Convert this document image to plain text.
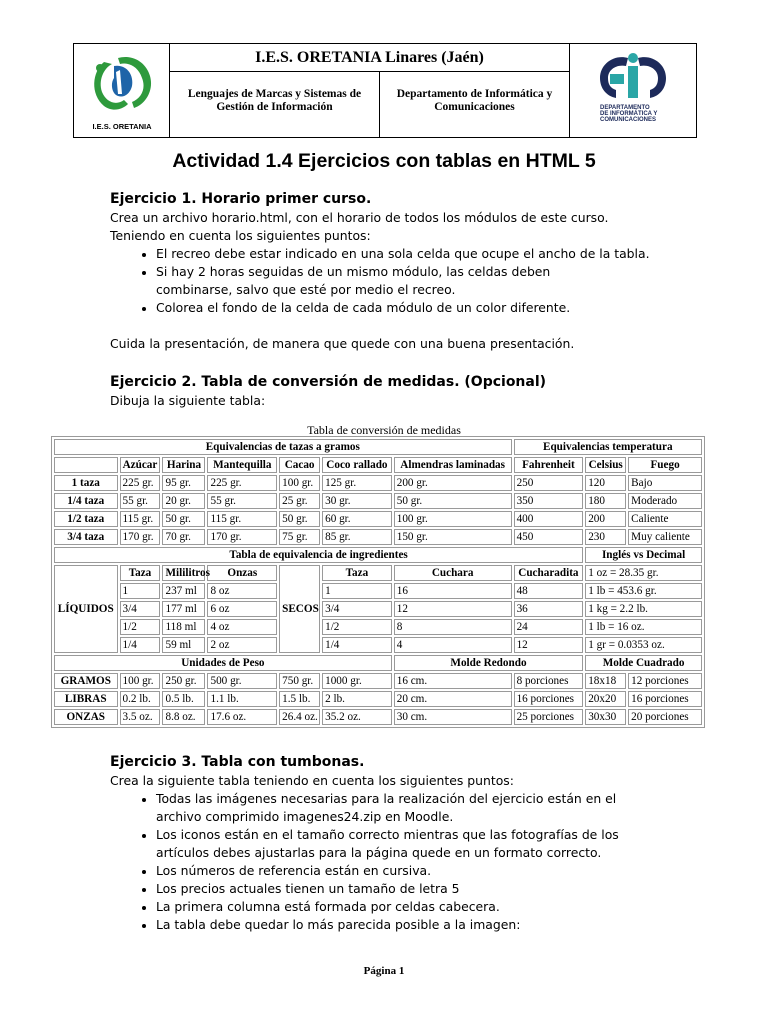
I.E.S. ORETANIA
I.E.S. ORETANIA Linares (Jaén)
Lenguajes de Marcas y Sistemas de
Gestión de Información
Departamento de Informática y
Comunicaciones	DEPARTAMENTO
DE INFORMÁTICA Y
COMUNICACIONES
Actividad 1.4 Ejercicios con tablas en HTML 5
Ejercicio 1. Horario primer curso.

Crea un archivo horario.html, con el horario de todos los módulos de este curso.

Teniendo en cuenta los siguientes puntos:

• El recreo debe estar indicado en una sola celda que ocupe el ancho de la tabla.
• Si hay 2 horas seguidas de un mismo módulo, las celdas deben combinarse, salvo que esté por medio el recreo.
• Colorea el fondo de la celda de cada módulo de un color diferente.

Cuida la presentación, de manera que quede con una buena presentación.

Ejercicio 2. Tabla de conversión de medidas. (Opcional)

Dibuja la siguiente tabla:

Tabla de conversión de medidas
Equivalencias de tazas a gramos							Equivalencias temperatura		
	Azúcar	Harina	Mantequilla	Cacao	Coco rallado	Almendras laminadas	Fahrenheit	Celsius	Fuego
1 taza	225 gr.	95 gr.	225 gr.	100 gr.	125 gr.	200 gr.	250	120	Bajo
1/4 taza	55 gr.	20 gr.	55 gr.	25 gr.	30 gr.	50 gr.	350	180	Moderado
1/2 taza	115 gr.	50 gr.	115 gr.	50 gr.	60 gr.	100 gr.	400	200	Caliente
3/4 taza	170 gr.	70 gr.	170 gr.	75 gr.	85 gr.	150 gr.	450	230	Muy caliente
Tabla de equivalencia de ingredientes								Inglés vs Decimal	
LÍQUIDOS	Taza	Mililitros	Onzas	SECOS	Taza	Cuchara	Cucharadita	1 oz = 28.35 gr.	
	1	237 ml	8 oz		1	16	48	1 lb = 453.6 gr.	
	3/4	177 ml	6 oz		3/4	12	36	1 kg = 2.2 lb.	
	1/2	118 ml	4 oz		1/2	8	24	1 lb = 16 oz.	
	1/4	59 ml	2 oz		1/4	4	12	1 gr = 0.0353 oz.	
Unidades de Peso						Molde Redondo		Molde Cuadrado	
GRAMOS	100 gr.	250 gr.	500 gr.	750 gr.	1000 gr.	16 cm.	8 porciones	18x18	12 porciones
LIBRAS	0.2 lb.	0.5 lb.	1.1 lb.	1.5 lb.	2 lb.	20 cm.	16 porciones	20x20	16 porciones
ONZAS	3.5 oz.	8.8 oz.	17.6 oz.	26.4 oz.	35.2 oz.	30 cm.	25 porciones	30x30	20 porciones
Ejercicio 3. Tabla con tumbonas.

Crea la siguiente tabla teniendo en cuenta los siguientes puntos:

• Todas las imágenes necesarias para la realización del ejercicio están en el archivo comprimido imagenes24.zip en Moodle.
• Los iconos están en el tamaño correcto mientras que las fotografías de los artículos debes ajustarlas para la página quede en un formato correcto.
• Los números de referencia están en cursiva.
• Los precios actuales tienen un tamaño de letra 5
• La primera columna está formada por celdas cabecera.
• La tabla debe quedar lo más parecida posible a la imagen:
Página 1
